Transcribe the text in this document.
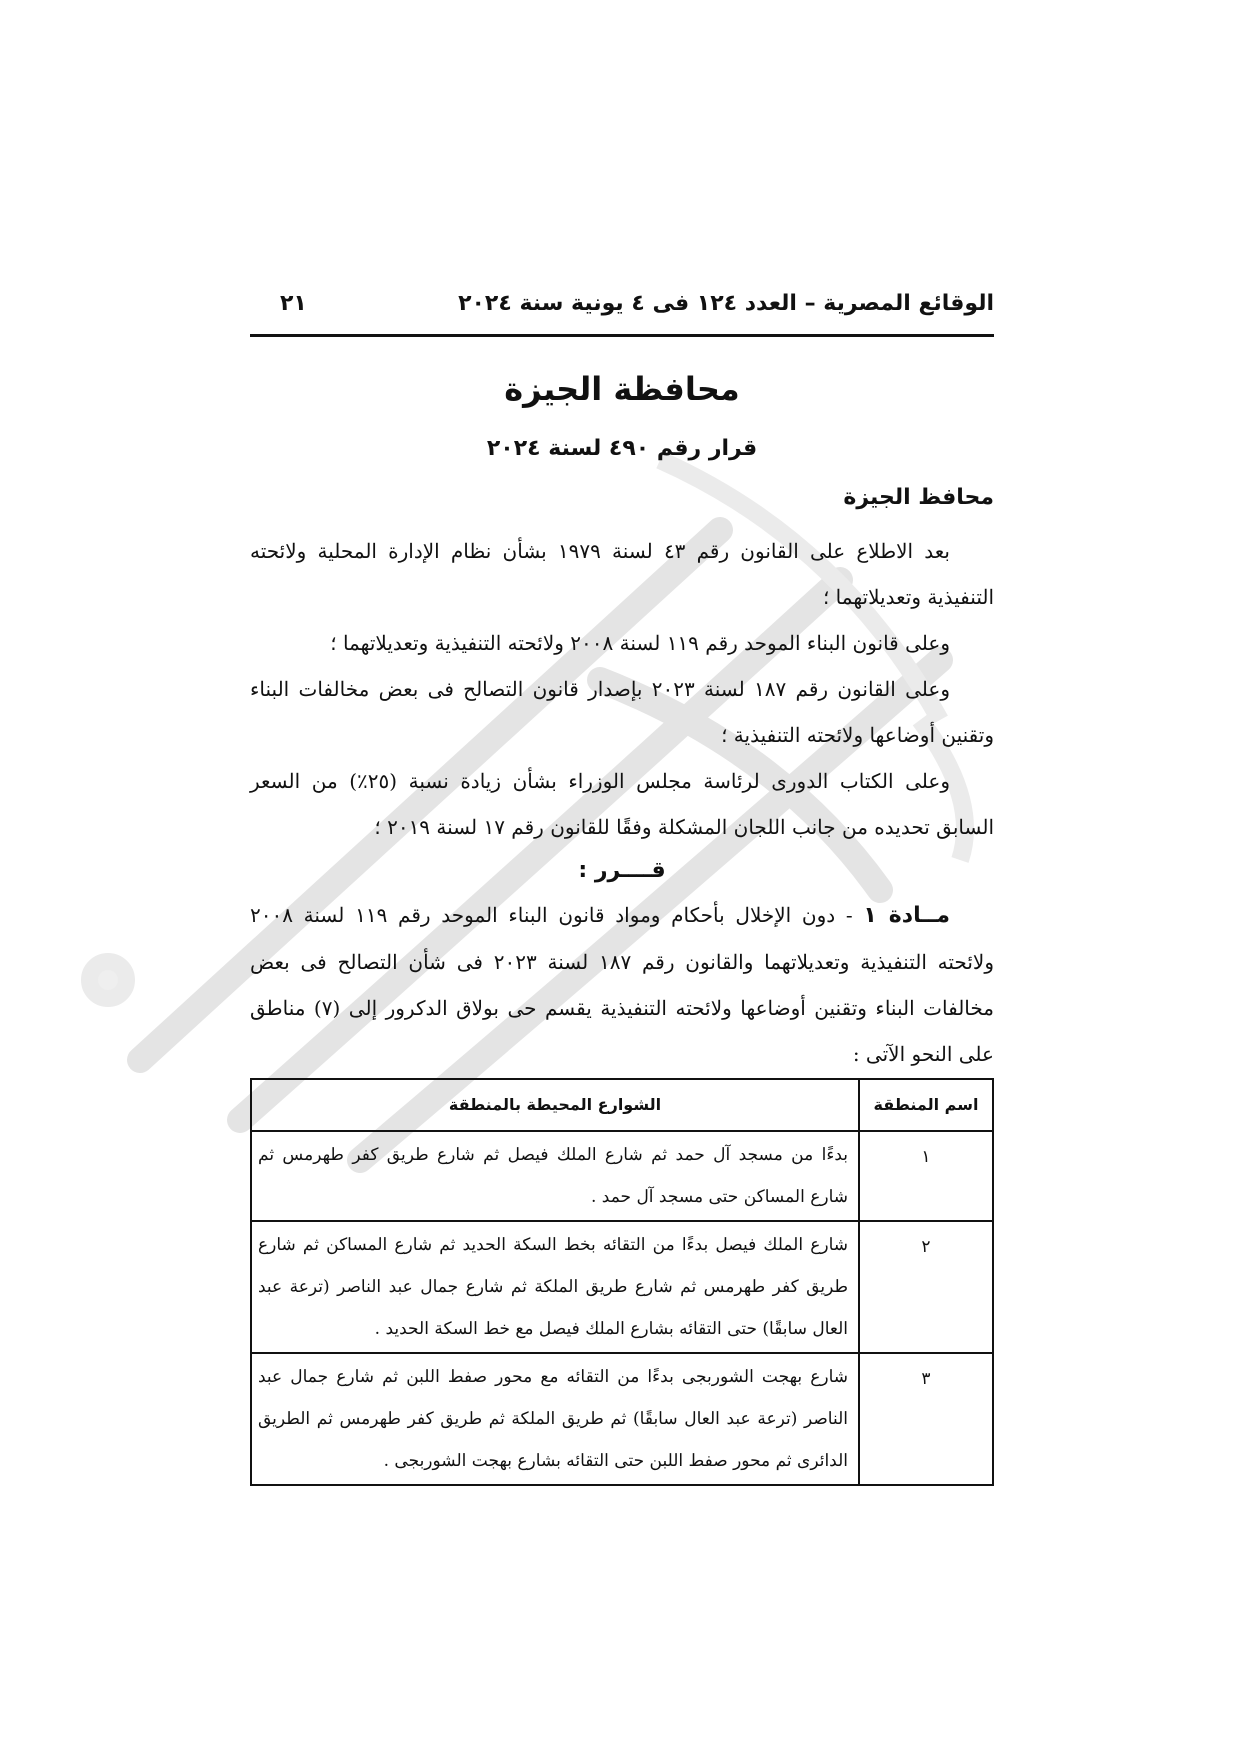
الوقائع المصرية – العدد ١٢٤ فى ٤ يونية سنة ٢٠٢٤
٢١
محافظة الجيزة
قرار رقم ٤٩٠ لسنة ٢٠٢٤
محافظ الجيزة

بعد الاطلاع على القانون رقم ٤٣ لسنة ١٩٧٩ بشأن نظام الإدارة المحلية ولائحته التنفيذية وتعديلاتهما ؛

وعلى قانون البناء الموحد رقم ١١٩ لسنة ٢٠٠٨ ولائحته التنفيذية وتعديلاتهما ؛

وعلى القانون رقم ١٨٧ لسنة ٢٠٢٣ بإصدار قانون التصالح فى بعض مخالفات البناء وتقنين أوضاعها ولائحته التنفيذية ؛

وعلى الكتاب الدورى لرئاسة مجلس الوزراء بشأن زيادة نسبة (٢٥٪) من السعر السابق تحديده من جانب اللجان المشكلة وفقًا للقانون رقم ١٧ لسنة ٢٠١٩ ؛

قــــرر :

مــادة ١ - دون الإخلال بأحكام ومواد قانون البناء الموحد رقم ١١٩ لسنة ٢٠٠٨ ولائحته التنفيذية وتعديلاتهما والقانون رقم ١٨٧ لسنة ٢٠٢٣ فى شأن التصالح فى بعض مخالفات البناء وتقنين أوضاعها ولائحته التنفيذية يقسم حى بولاق الدكرور إلى (٧) مناطق على النحو الآتى :

اسم المنطقة	الشوارع المحيطة بالمنطقة
١	بدءًا من مسجد آل حمد ثم شارع الملك فيصل ثم شارع طريق كفر طهرمس ثم شارع المساكن حتى مسجد آل حمد .
٢	شارع الملك فيصل بدءًا من التقائه بخط السكة الحديد ثم شارع المساكن ثم شارع طريق كفر طهرمس ثم شارع طريق الملكة ثم شارع جمال عبد الناصر (ترعة عبد العال سابقًا) حتى التقائه بشارع الملك فيصل مع خط السكة الحديد .
٣	شارع بهجت الشوربجى بدءًا من التقائه مع محور صفط اللبن ثم شارع جمال عبد الناصر (ترعة عبد العال سابقًا) ثم طريق الملكة ثم طريق كفر طهرمس ثم الطريق الدائرى ثم محور صفط اللبن حتى التقائه بشارع بهجت الشوربجى .
